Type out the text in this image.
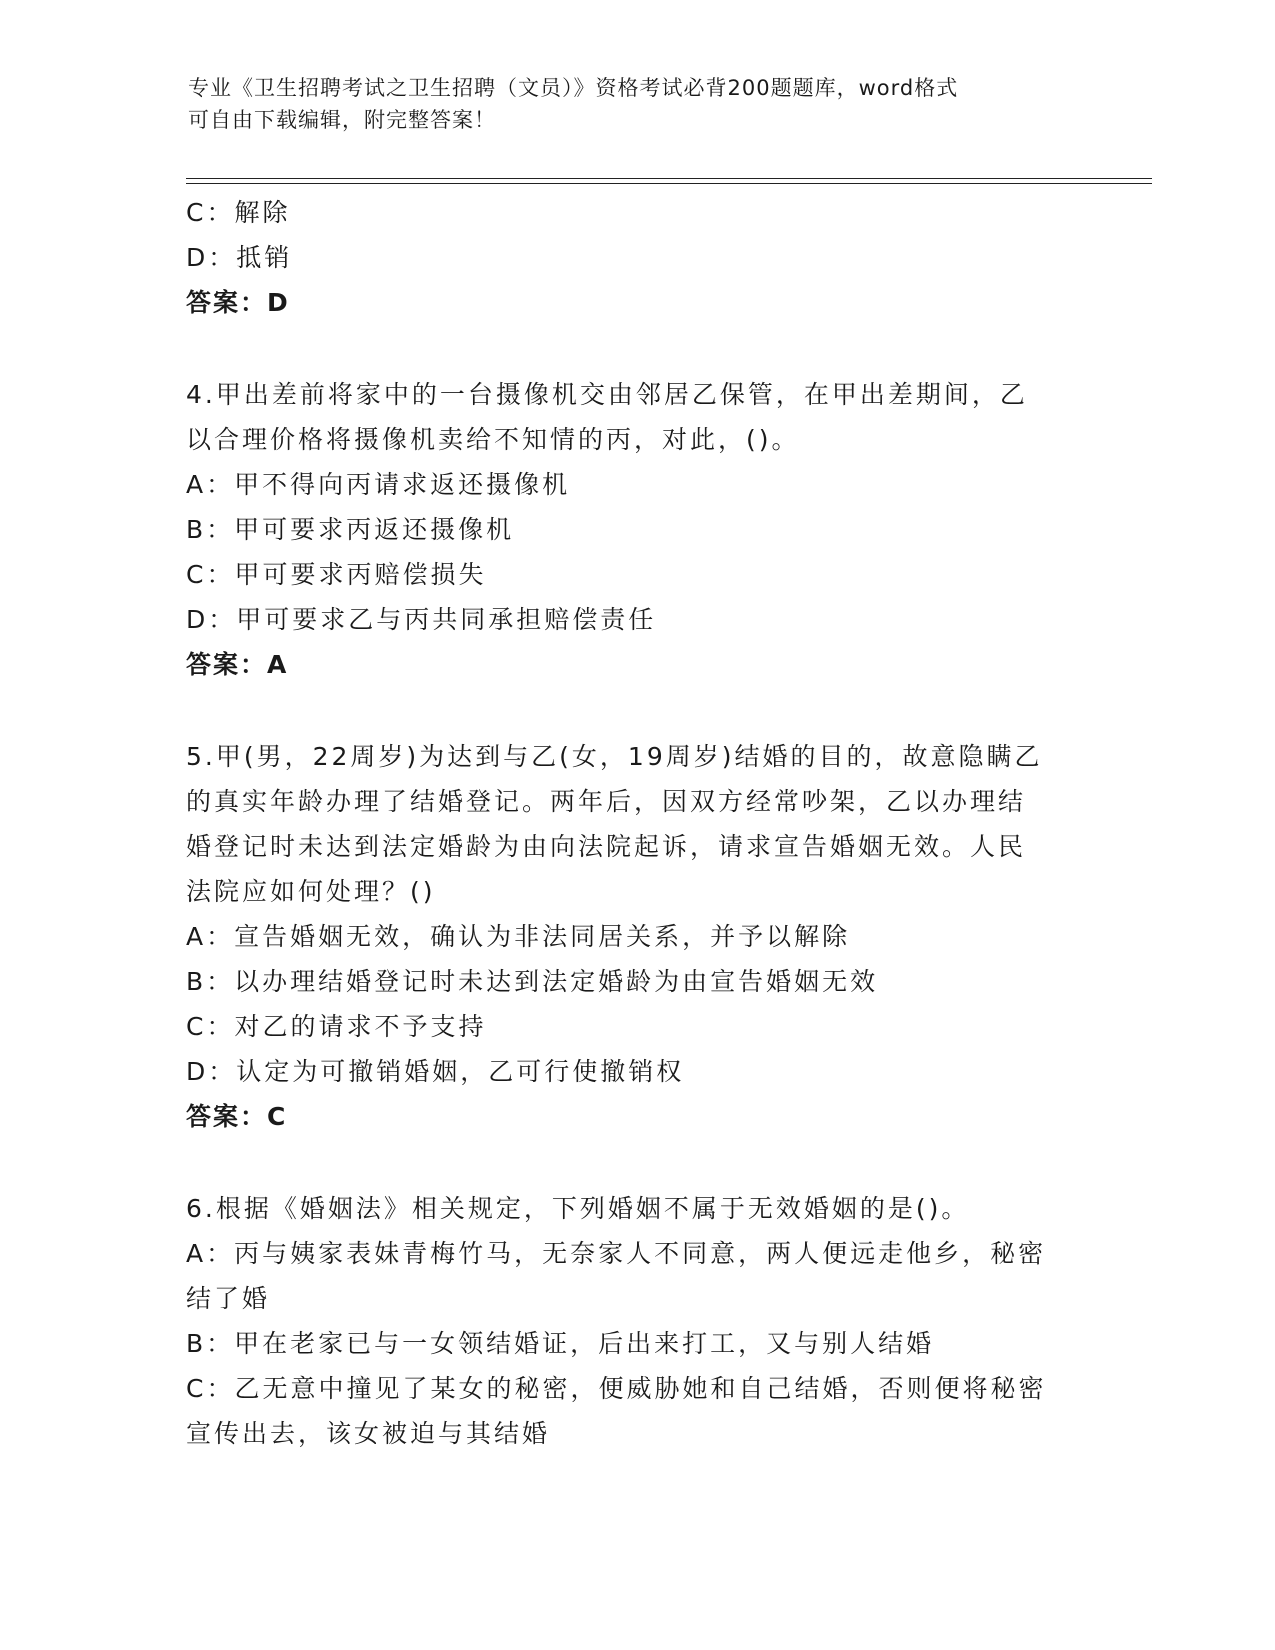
专业《卫生招聘考试之卫生招聘（文员）》资格考试必背200题题库，word格式
可自由下载编辑，附完整答案！
C：解除
D：抵销
答案：D
4.甲出差前将家中的一台摄像机交由邻居乙保管，在甲出差期间，乙
以合理价格将摄像机卖给不知情的丙，对此，()。
A：甲不得向丙请求返还摄像机
B：甲可要求丙返还摄像机
C：甲可要求丙赔偿损失
D：甲可要求乙与丙共同承担赔偿责任
答案：A
5.甲(男，22周岁)为达到与乙(女，19周岁)结婚的目的，故意隐瞒乙
的真实年龄办理了结婚登记。两年后，因双方经常吵架，乙以办理结
婚登记时未达到法定婚龄为由向法院起诉，请求宣告婚姻无效。人民
法院应如何处理？()
A：宣告婚姻无效，确认为非法同居关系，并予以解除
B：以办理结婚登记时未达到法定婚龄为由宣告婚姻无效
C：对乙的请求不予支持
D：认定为可撤销婚姻，乙可行使撤销权
答案：C
6.根据《婚姻法》相关规定，下列婚姻不属于无效婚姻的是()。
A：丙与姨家表妹青梅竹马，无奈家人不同意，两人便远走他乡，秘密
结了婚
B：甲在老家已与一女领结婚证，后出来打工，又与别人结婚
C：乙无意中撞见了某女的秘密，便威胁她和自己结婚，否则便将秘密
宣传出去，该女被迫与其结婚
